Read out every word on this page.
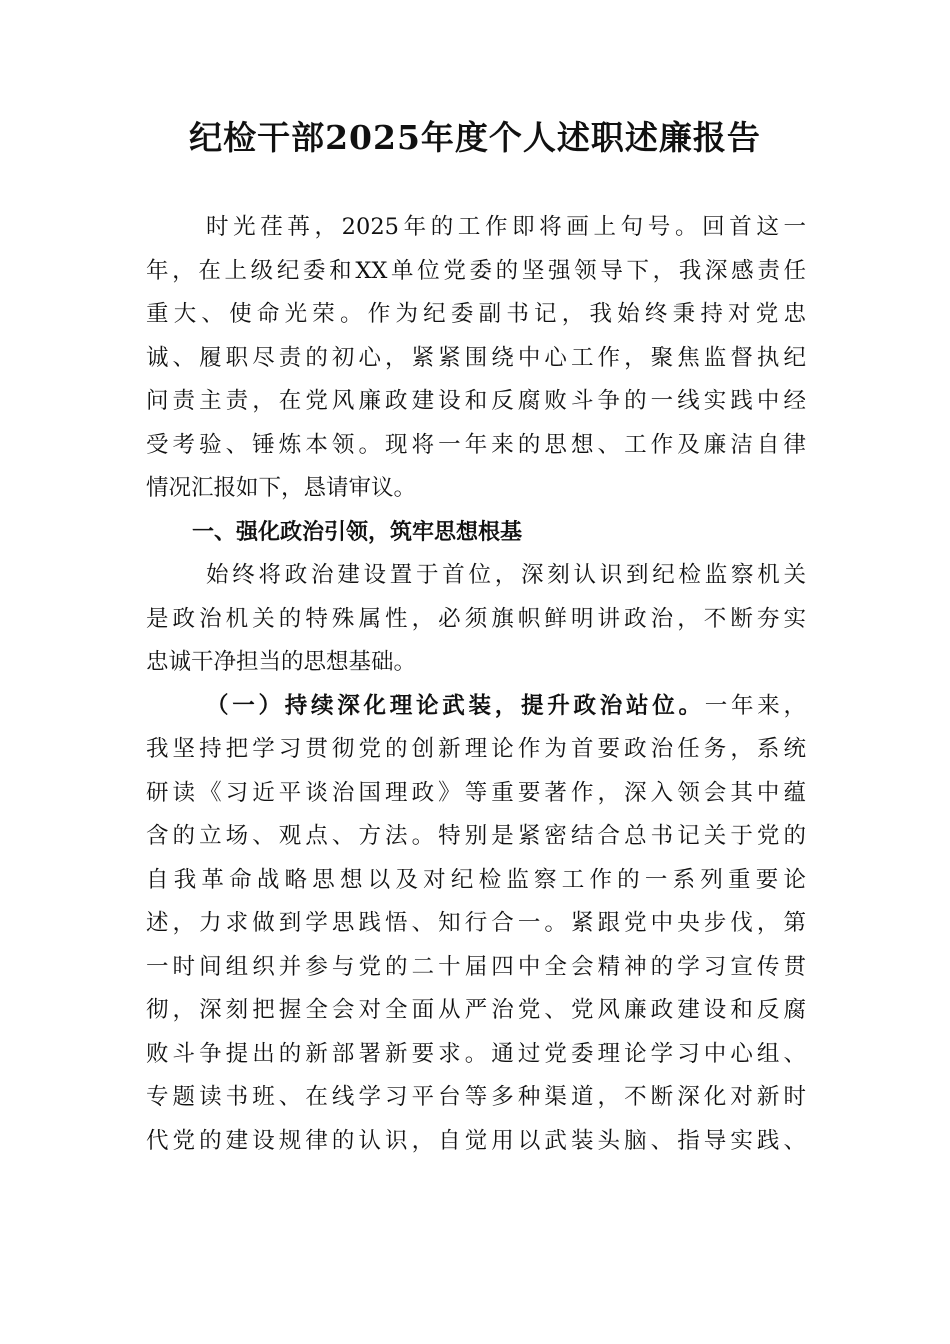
纪检干部2025年度个人述职述廉报告
时光荏苒，2025年的工作即将画上句号。回首这一
年，在上级纪委和XX单位党委的坚强领导下，我深感责任
重大、使命光荣。作为纪委副书记，我始终秉持对党忠
诚、履职尽责的初心，紧紧围绕中心工作，聚焦监督执纪
问责主责，在党风廉政建设和反腐败斗争的一线实践中经
受考验、锤炼本领。现将一年来的思想、工作及廉洁自律
情况汇报如下，恳请审议。
一、强化政治引领，筑牢思想根基
始终将政治建设置于首位，深刻认识到纪检监察机关
是政治机关的特殊属性，必须旗帜鲜明讲政治，不断夯实
忠诚干净担当的思想基础。
（一）持续深化理论武装，提升政治站位。一年来，
我坚持把学习贯彻党的创新理论作为首要政治任务，系统
研读《习近平谈治国理政》等重要著作，深入领会其中蕴
含的立场、观点、方法。特别是紧密结合总书记关于党的
自我革命战略思想以及对纪检监察工作的一系列重要论
述，力求做到学思践悟、知行合一。紧跟党中央步伐，第
一时间组织并参与党的二十届四中全会精神的学习宣传贯
彻，深刻把握全会对全面从严治党、党风廉政建设和反腐
败斗争提出的新部署新要求。通过党委理论学习中心组、
专题读书班、在线学习平台等多种渠道，不断深化对新时
代党的建设规律的认识，自觉用以武装头脑、指导实践、
